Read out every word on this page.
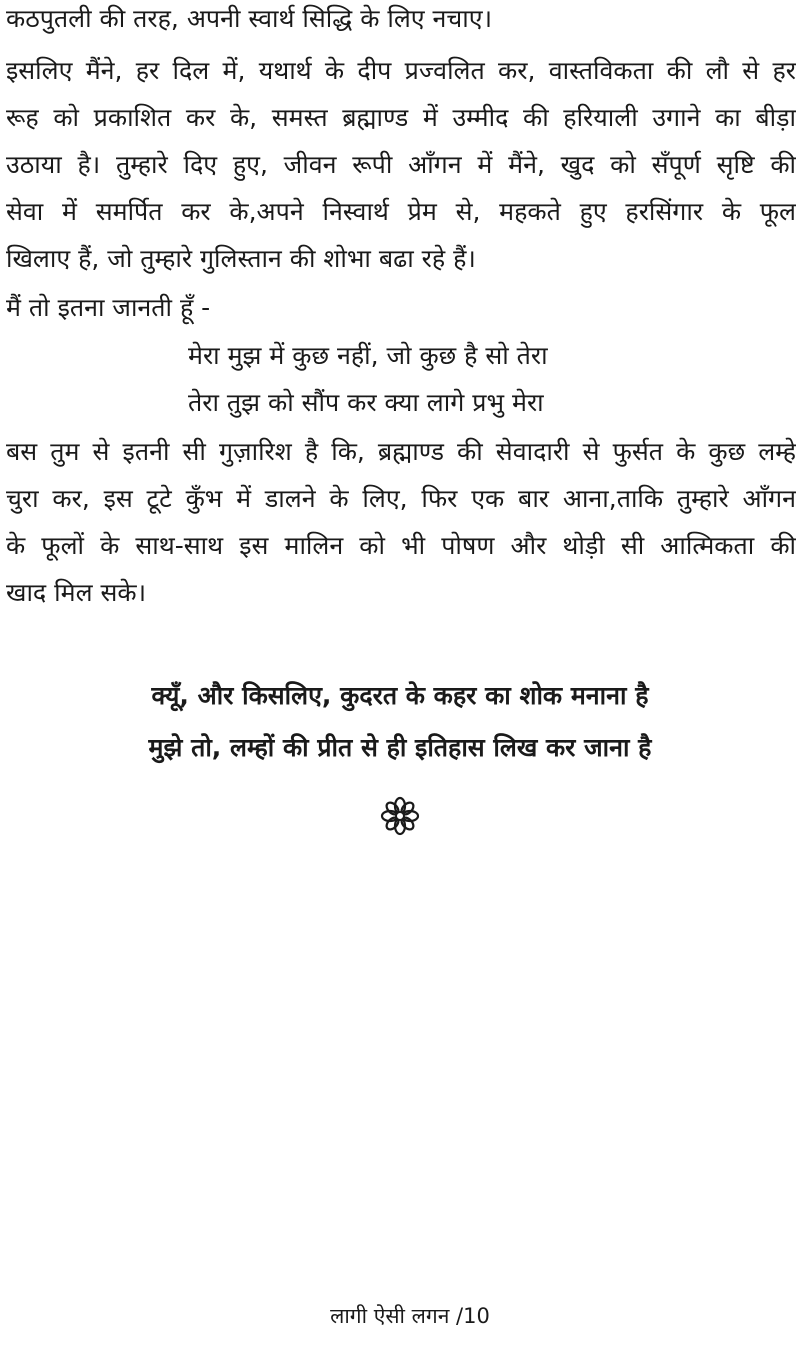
कठपुतली की तरह, अपनी स्वार्थ सिद्धि के लिए नचाए।
इसलिए मैंने, हर दिल में, यथार्थ के दीप प्रज्वलित कर, वास्तविकता की लौ से हर
रूह को प्रकाशित कर के, समस्त ब्रह्माण्ड में उम्मीद की हरियाली उगाने का बीड़ा
उठाया है। तुम्हारे दिए हुए, जीवन रूपी आँगन में मैंने, खुद को सँपूर्ण सृष्टि की
सेवा में समर्पित कर के,अपने निस्वार्थ प्रेम से, महकते हुए हरसिंगार के फूल
खिलाए हैं, जो तुम्हारे गुलिस्तान की शोभा बढा रहे हैं।
मैं तो इतना जानती हूँ -
मेरा मुझ में कुछ नहीं, जो कुछ है सो तेरा
तेरा तुझ को सौंप कर क्या लागे प्रभु मेरा
बस तुम से इतनी सी गुज़ारिश है कि, ब्रह्माण्ड की सेवादारी से फुर्सत के कुछ लम्हे
चुरा कर, इस टूटे कुँभ में डालने के लिए, फिर एक बार आना,ताकि तुम्हारे आँगन
के फूलों के साथ-साथ इस मालिन को भी पोषण और थोड़ी सी आत्मिकता की
खाद मिल सके।
क्यूँ, और किसलिए, कुदरत के कहर का शोक मनाना है
मुझे तो, लम्हों की प्रीत से ही इतिहास लिख कर जाना है
लागी ऐसी लगन /10
